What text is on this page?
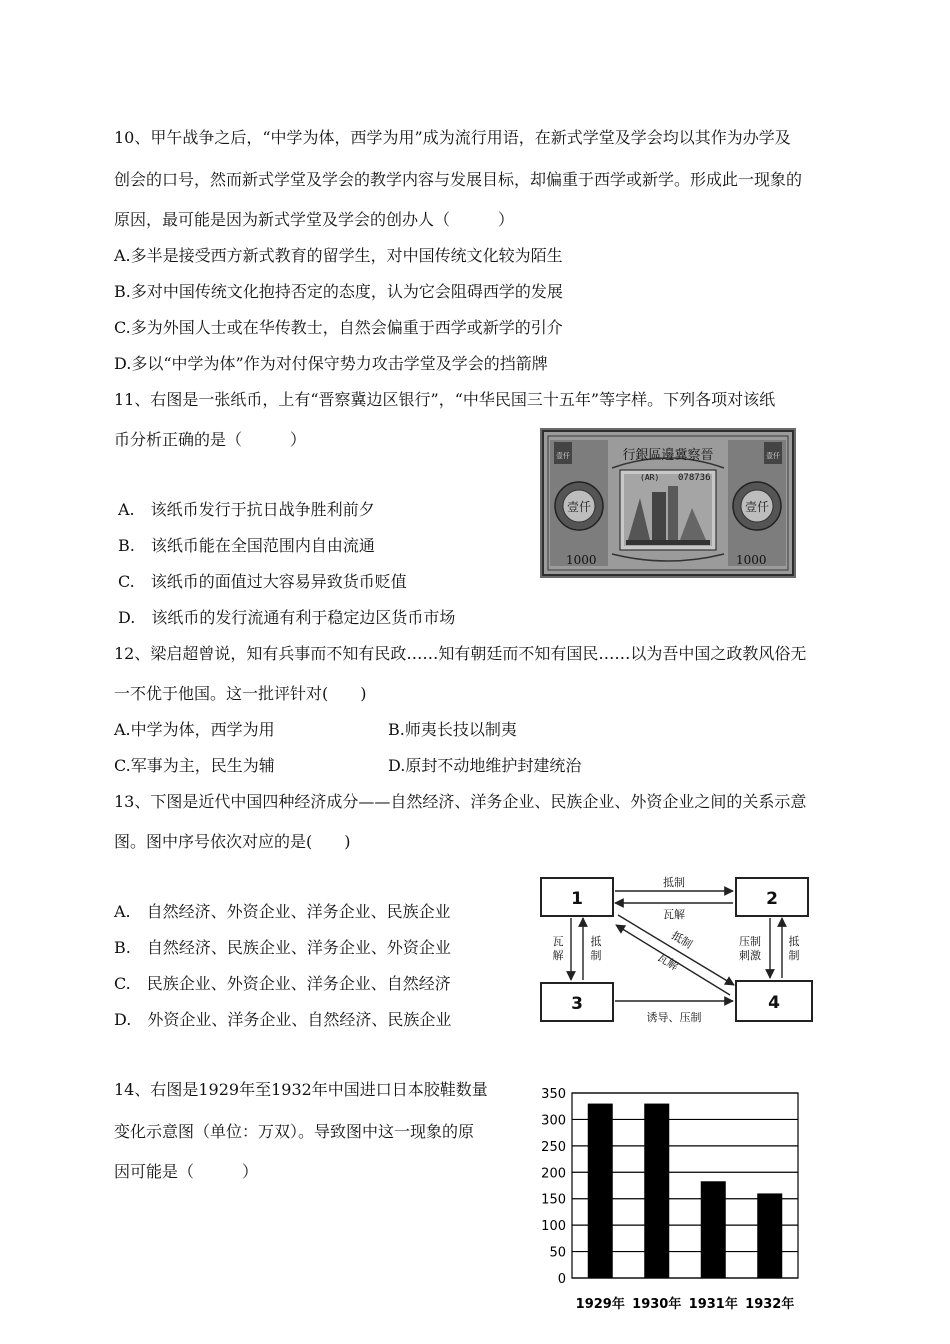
10、甲午战争之后，“中学为体，西学为用”成为流行用语，在新式学堂及学会均以其作为办学及
创会的口号，然而新式学堂及学会的教学内容与发展目标，却偏重于西学或新学。形成此一现象的
原因，最可能是因为新式学堂及学会的创办人（　　　）
A.多半是接受西方新式教育的留学生，对中国传统文化较为陌生
B.多对中国传统文化抱持否定的态度，认为它会阻碍西学的发展
C.多为外国人士或在华传教士，自然会偏重于西学或新学的引介
D.多以“中学为体”作为对付保守势力攻击学堂及学会的挡箭牌
11、右图是一张纸币，上有“晋察冀边区银行”，“中华民国三十五年”等字样。下列各项对该纸
币分析正确的是（　　　）
A.　该纸币发行于抗日战争胜利前夕
B.　该纸币能在全国范围内自由流通
C.　该纸币的面值过大容易异致货币贬值
D.　该纸币的发行流通有利于稳定边区货币市场
行銀區邊冀察晉
(AR) 078736
壹仟	壹仟
壹仟	壹仟
1000	1000
12、梁启超曾说，知有兵事而不知有民政……知有朝廷而不知有国民……以为吾中国之政教风俗无
一不优于他国。这一批评针对(　　)
A.中学为体，西学为用	B.师夷长技以制夷
C.军事为主，民生为辅	D.原封不动地维护封建统治
13、下图是近代中国四种经济成分——自然经济、洋务企业、民族企业、外资企业之间的关系示意
图。图中序号依次对应的是(　　)
A.　自然经济、外资企业、洋务企业、民族企业
B.　自然经济、民族企业、洋务企业、外资企业
C.　民族企业、外资企业、洋务企业、自然经济
D.　外资企业、洋务企业、自然经济、民族企业
1	2
3	4
抵制
瓦解
瓦
解
抵
制
压制
刺激
抵
制
抵制
瓦解
诱导、压制
14、右图是1929年至1932年中国进口日本胶鞋数量
变化示意图（单位：万双）。导致图中这一现象的原
因可能是（　　　）
0
50
100
150
200
250
300
350
1929年 1930年 1931年 1932年
